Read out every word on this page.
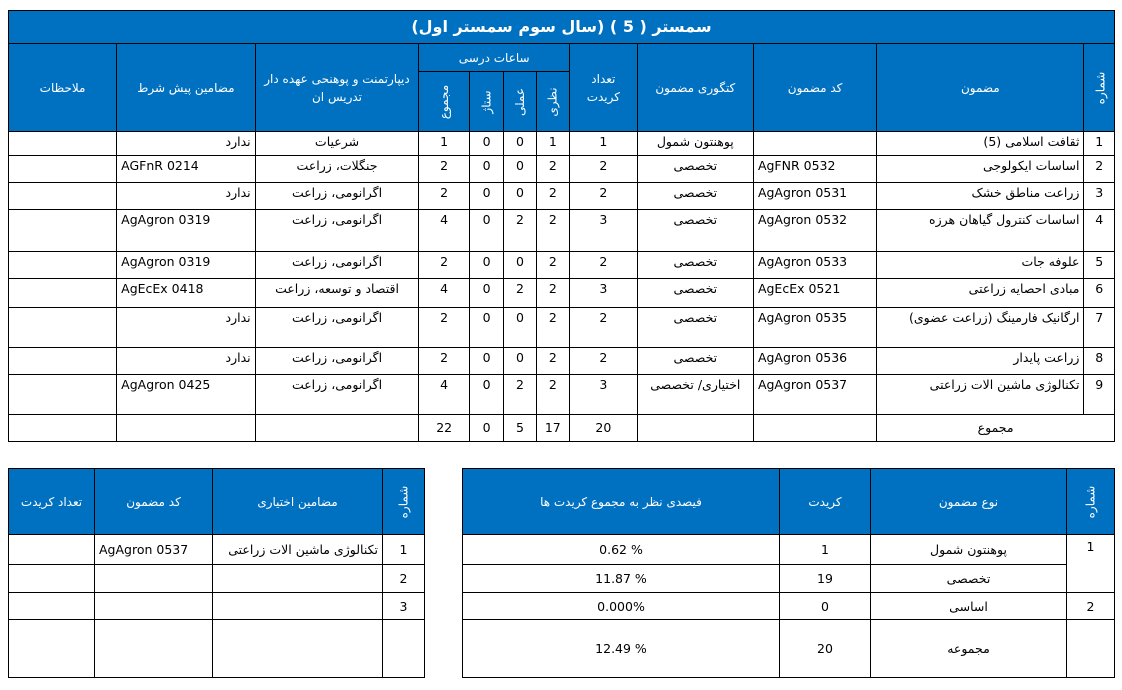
سمستر ( 5 ) (سال سوم سمستر اول)											
ملاحظات	مضامین پیش شرط	دیپارتمنت و پوهنحی عهده دار تدریس ان	ساعات درسی				تعداد کریدت	کتگوری مضمون	کد مضمون	مضمون	شماره
			مجموع	ستاژ	عملی	نظری					
	ندارد	شرعیات	1	0	0	1	1	پوهنتون شمول		ثقافت اسلامی (5)	1
	AGFnR 0214	جنگلات، زراعت	2	0	0	2	2	تخصصی	AgFNR 0532	اساسات ایکولوجی	2
	ندارد	اگرانومی، زراعت	2	0	0	2	2	تخصصی	AgAgron 0531	زراعت مناطق خشک	3
	AgAgron 0319	اگرانومی، زراعت	4	0	2	2	3	تخصصی	AgAgron 0532	اساسات کنترول گیاهان هرزه	4
	AgAgron 0319	اگرانومی، زراعت	2	0	0	2	2	تخصصی	AgAgron 0533	علوفه جات	5
	AgEcEx 0418	اقتصاد و توسعه، زراعت	4	0	2	2	3	تخصصی	AgEcEx 0521	مبادی احصایه زراعتی	6
	ندارد	اگرانومی، زراعت	2	0	0	2	2	تخصصی	AgAgron 0535	ارگانیک فارمینگ (زراعت عضوی)	7
	ندارد	اگرانومی، زراعت	2	0	0	2	2	تخصصی	AgAgron 0536	زراعت پایدار	8
	AgAgron 0425	اگرانومی، زراعت	4	0	2	2	3	اختیاری/ تخصصی	AgAgron 0537	تکنالوژی ماشین الات زراعتی	9
			22	0	5	17	20			مجموع	
تعداد کریدت	کد مضمون	مضامین اختیاری	شماره
	AgAgron 0537	تکنالوژی ماشین الات زراعتی	1
			2
			3

فیصدی نظر به مجموع کریدت ها	کریدت	نوع مضمون	شماره
0.62 %	1	پوهنتون شمول	1
11.87 %	19	تخصصی	
0.000%	0	اساسی	2
12.49 %	20	مجموعه	
